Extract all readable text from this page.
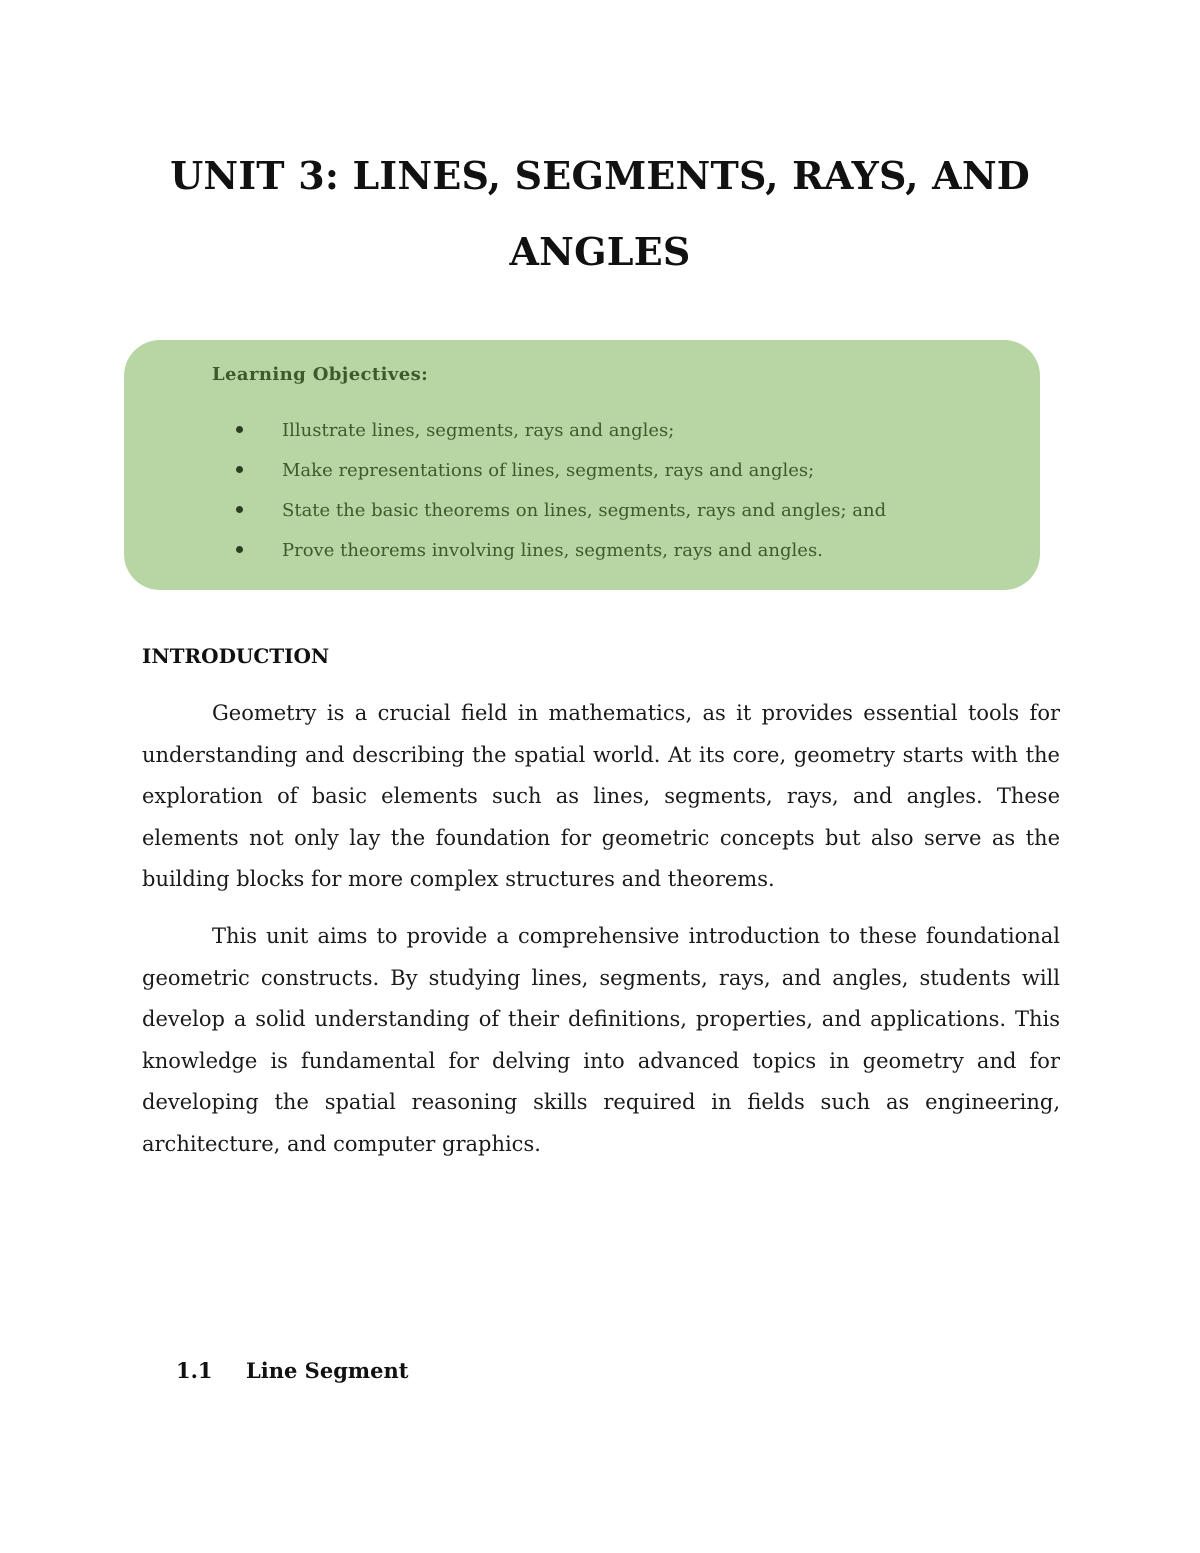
UNIT 3: LINES, SEGMENTS, RAYS, AND
ANGLES

Learning Objectives:

Illustrate lines, segments, rays and angles;
Make representations of lines, segments, rays and angles;
State the basic theorems on lines, segments, rays and angles; and
Prove theorems involving lines, segments, rays and angles.
INTRODUCTION

Geometry is a crucial field in mathematics, as it provides essential tools for understanding and describing the spatial world. At its core, geometry starts with the exploration of basic elements such as lines, segments, rays, and angles. These elements not only lay the foundation for geometric concepts but also serve as the building blocks for more complex structures and theorems.

This unit aims to provide a comprehensive introduction to these foundational geometric constructs. By studying lines, segments, rays, and angles, students will develop a solid understanding of their definitions, properties, and applications. This knowledge is fundamental for delving into advanced topics in geometry and for developing the spatial reasoning skills required in fields such as engineering, architecture, and computer graphics.

1.1 Line Segment
